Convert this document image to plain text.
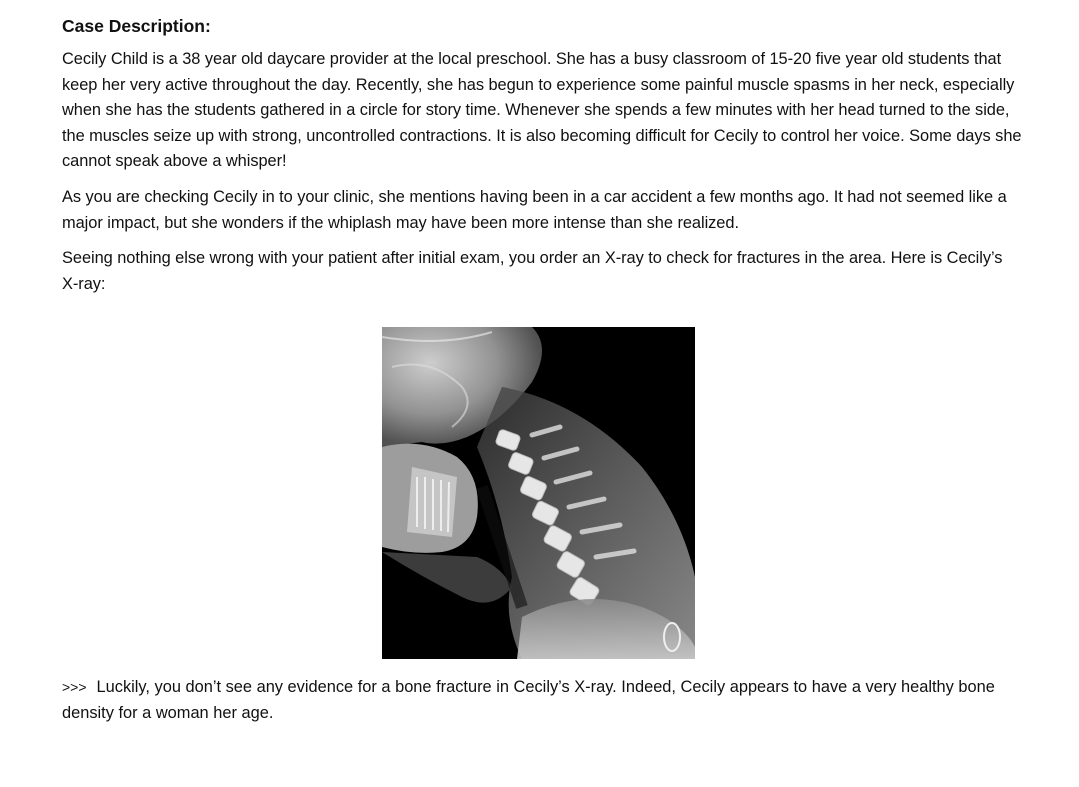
Case Description:

Cecily Child is a 38 year old daycare provider at the local preschool. She has a busy classroom of 15-20 five year old students that keep her very active throughout the day. Recently, she has begun to experience some painful muscle spasms in her neck, especially when she has the students gathered in a circle for story time. Whenever she spends a few minutes with her head turned to the side, the muscles seize up with strong, uncontrolled contractions. It is also becoming difficult for Cecily to control her voice. Some days she cannot speak above a whisper!

As you are checking Cecily in to your clinic, she mentions having been in a car accident a few months ago. It had not seemed like a major impact, but she wonders if the whiplash may have been more intense than she realized.

Seeing nothing else wrong with your patient after initial exam, you order an X-ray to check for fractures in the area. Here is Cecily’s X-ray:

>>> Luckily, you don’t see any evidence for a bone fracture in Cecily’s X-ray. Indeed, Cecily appears to have a very healthy bone density for a woman her age.
